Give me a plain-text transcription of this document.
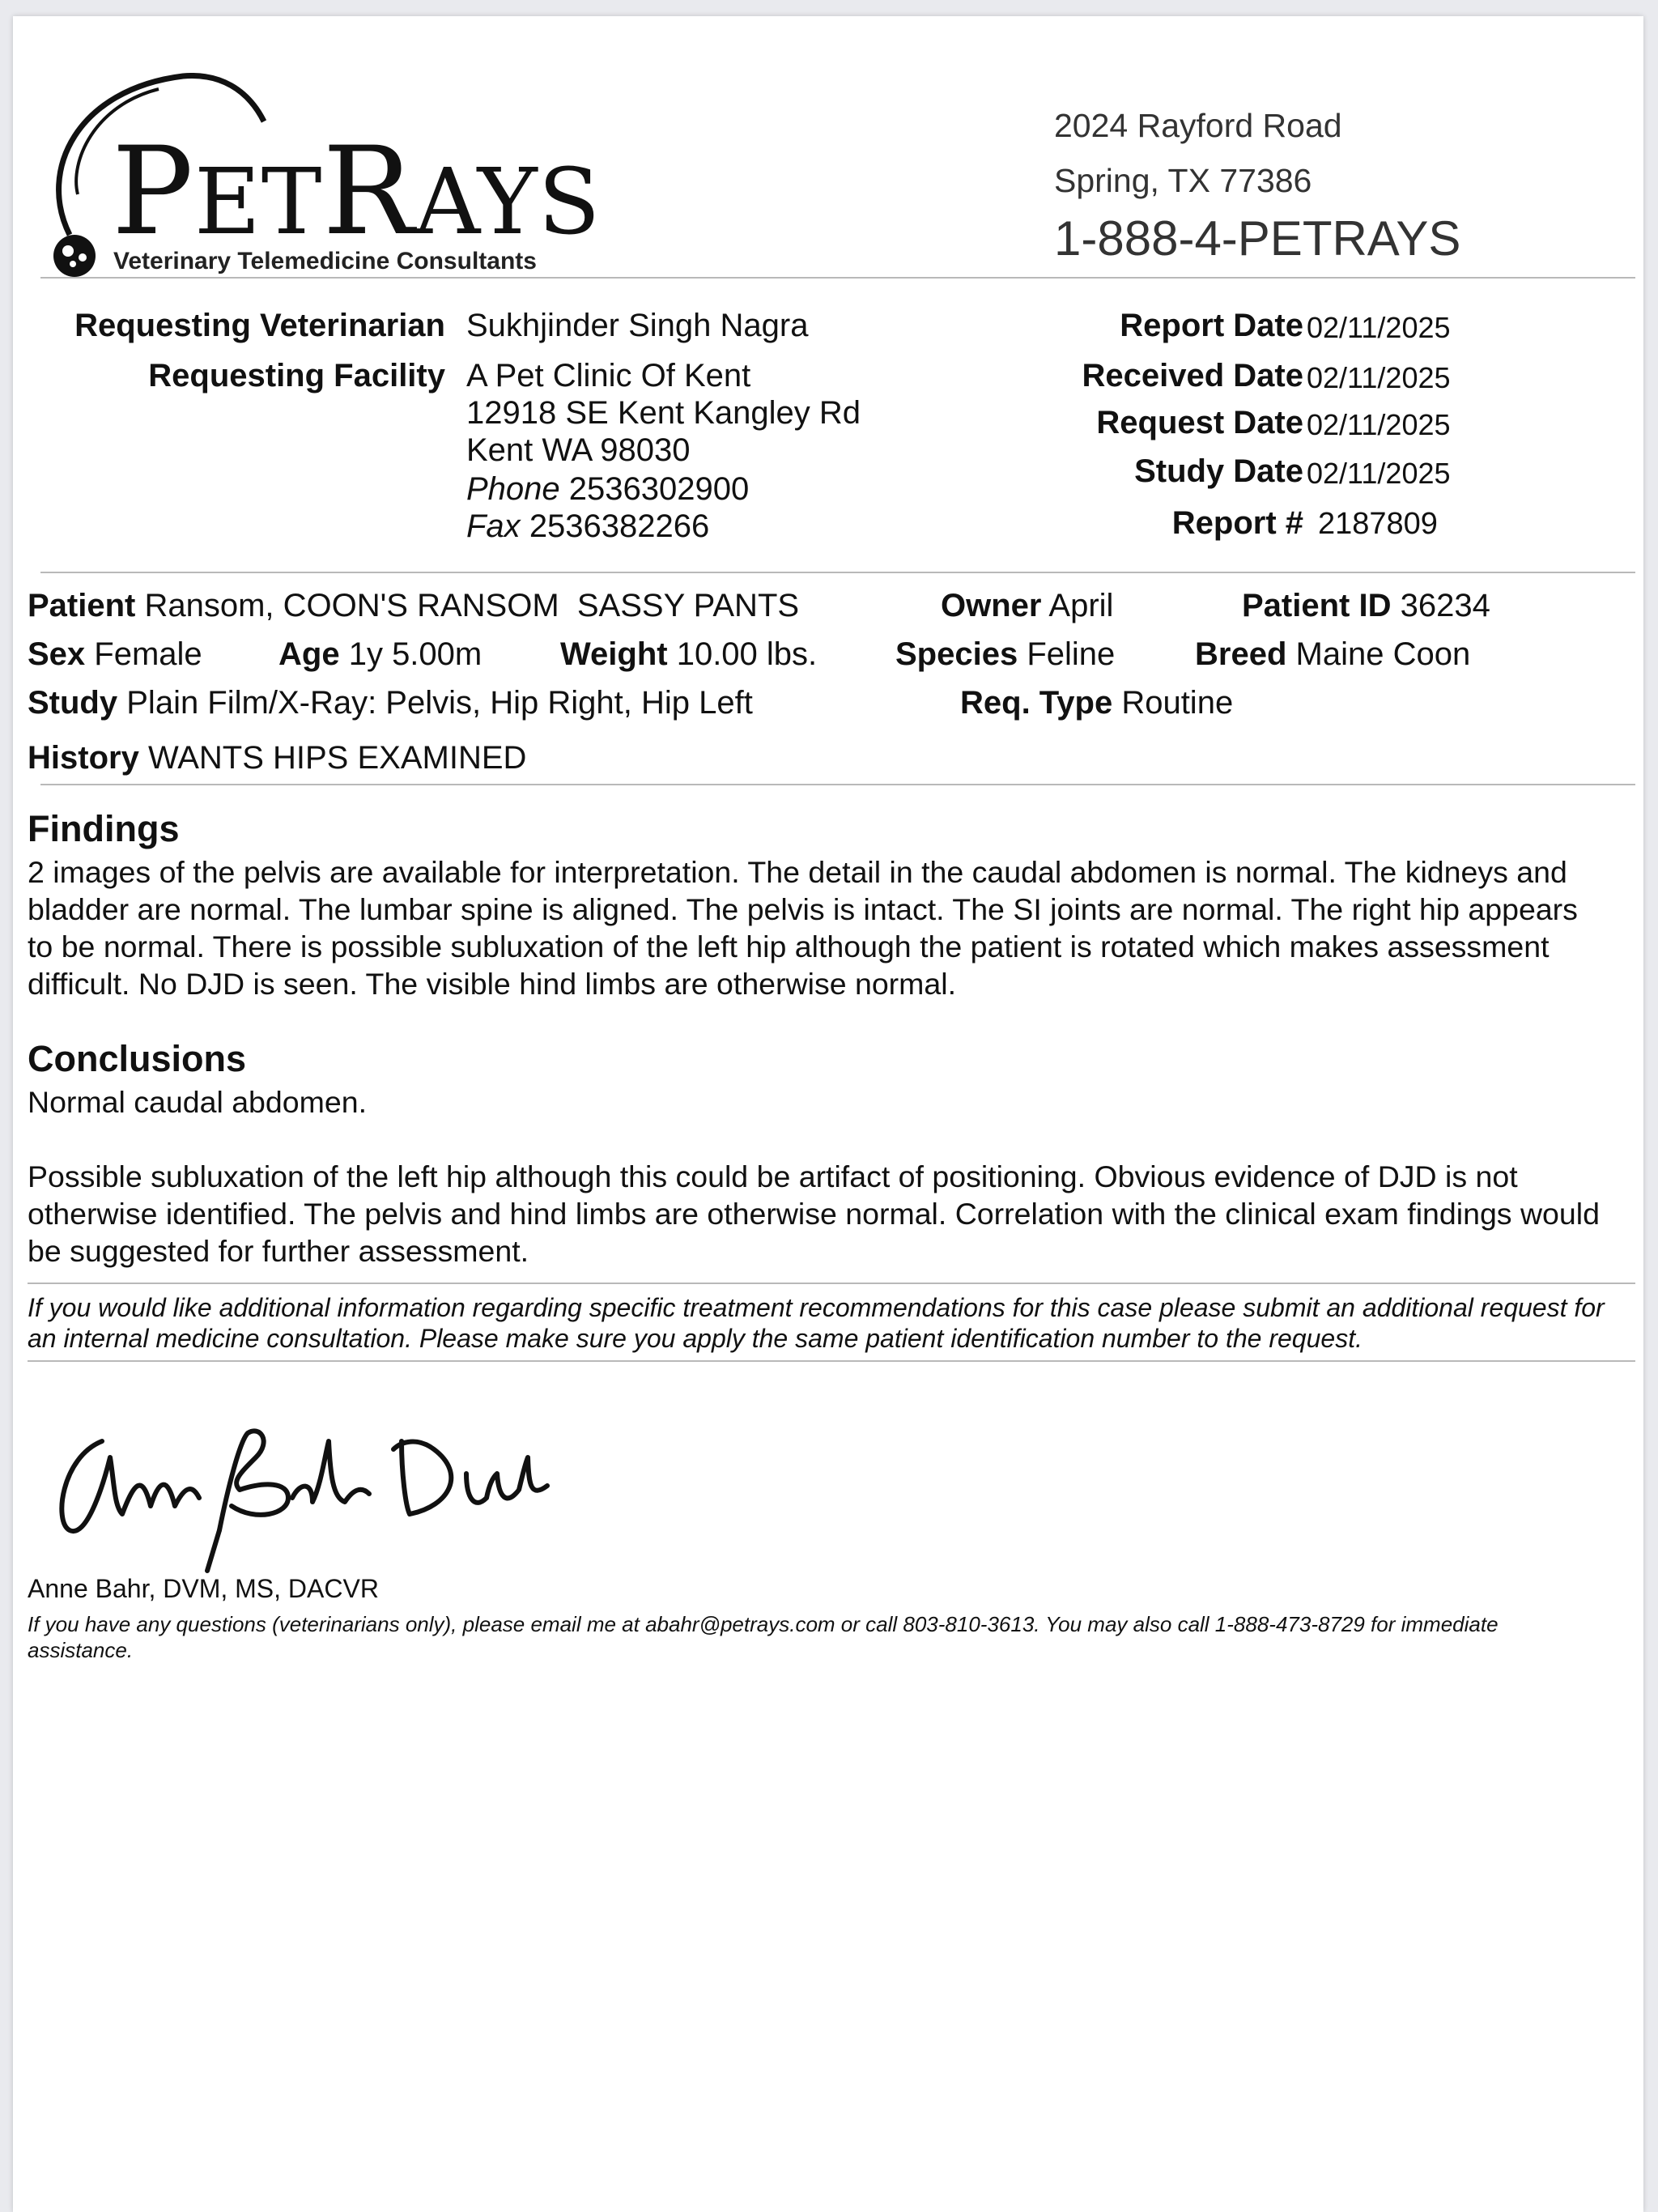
PETRAYS
Veterinary Telemedicine Consultants
2024 Rayford Road
Spring, TX 77386
1-888-4-PETRAYS
Requesting Veterinarian Sukhjinder Singh Nagra
Requesting Facility A Pet Clinic Of Kent
12918 SE Kent Kangley Rd
Kent WA 98030
Phone 2536302900
Fax 2536382266
Report Date 02/11/2025
Received Date 02/11/2025
Request Date 02/11/2025
Study Date 02/11/2025
Report # 2187809
Patient Ransom, COON'S RANSOM  SASSY PANTS	Owner April	Patient ID 36234
Sex Female Age 1y 5.00m Weight 10.00 lbs. Species Feline Breed Maine Coon
Study Plain Film/X-Ray: Pelvis, Hip Right, Hip Left	Req. Type Routine
History WANTS HIPS EXAMINED
Findings
2 images of the pelvis are available for interpretation. The detail in the caudal abdomen is normal. The kidneys and bladder are normal. The lumbar spine is aligned. The pelvis is intact. The SI joints are normal. The right hip appears to be normal. There is possible subluxation of the left hip although the patient is rotated which makes assessment difficult. No DJD is seen. The visible hind limbs are otherwise normal.
Conclusions
Normal caudal abdomen.
Possible subluxation of the left hip although this could be artifact of positioning. Obvious evidence of DJD is not otherwise identified. The pelvis and hind limbs are otherwise normal. Correlation with the clinical exam findings would be suggested for further assessment.
If you would like additional information regarding specific treatment recommendations for this case please submit an additional request for an internal medicine consultation. Please make sure you apply the same patient identification number to the request.
Anne Bahr, DVM, MS, DACVR
If you have any questions (veterinarians only), please email me at abahr@petrays.com or call 803-810-3613. You may also call 1-888-473-8729 for immediate assistance.
